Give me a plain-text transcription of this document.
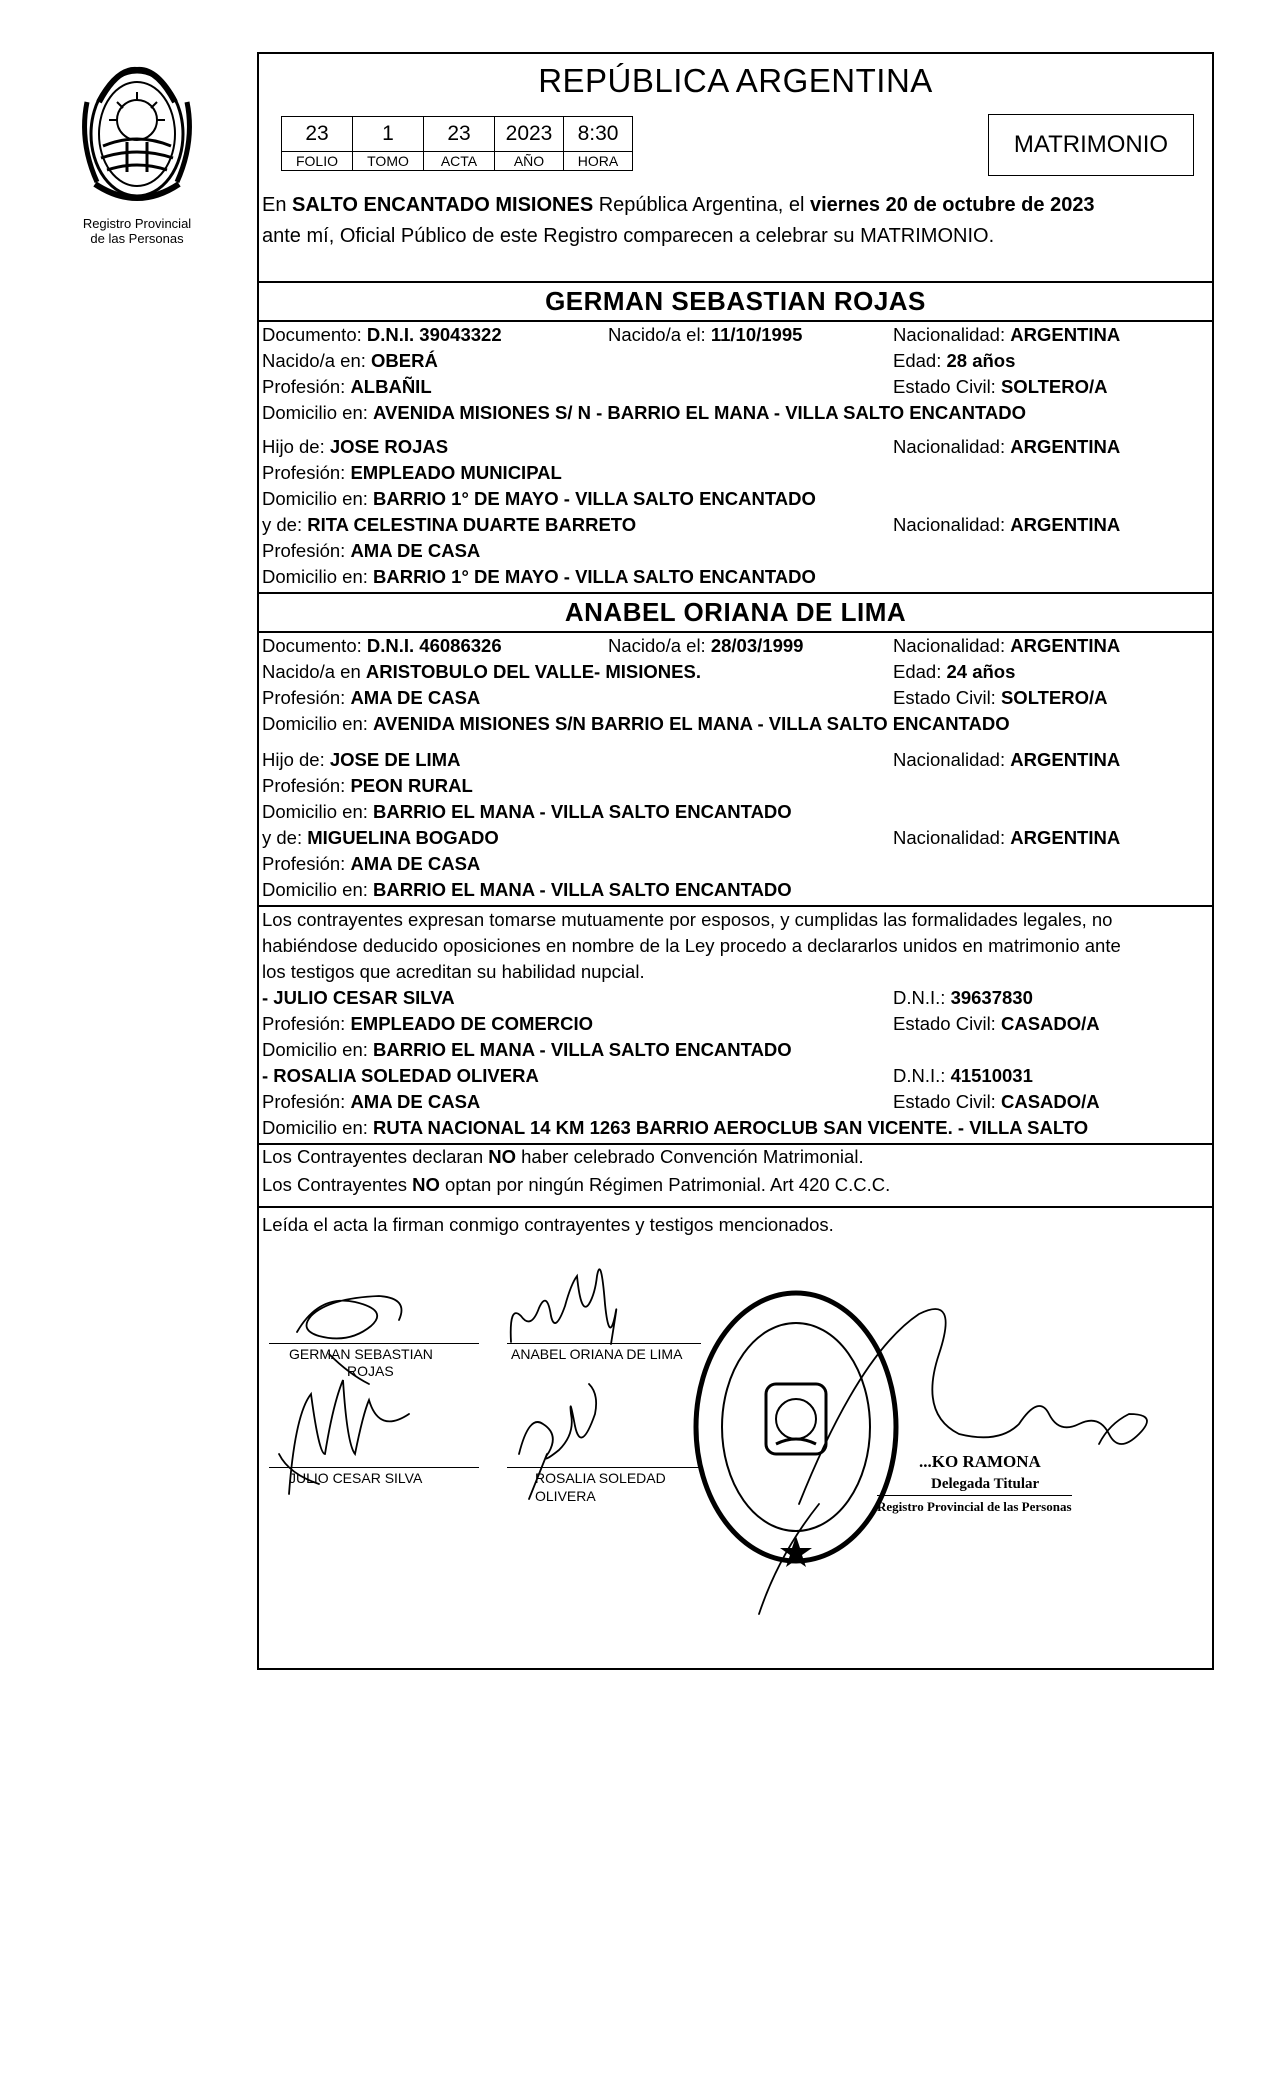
Registro Provincial
de las Personas
REPÚBLICA ARGENTINA
23	1	23	2023	8:30
FOLIO	TOMO	ACTA	AÑO	HORA
MATRIMONIO
En SALTO ENCANTADO MISIONES República Argentina, el viernes 20 de octubre de 2023
ante mí, Oficial Público de este Registro comparecen a celebrar su MATRIMONIO.
GERMAN SEBASTIAN ROJAS
Documento: D.N.I. 39043322	Nacido/a el: 11/10/1995	Nacionalidad: ARGENTINA
Nacido/a en: OBERÁ	Edad: 28 años
Profesión: ALBAÑIL	Estado Civil: SOLTERO/A
Domicilio en: AVENIDA MISIONES S/ N - BARRIO EL MANA - VILLA SALTO ENCANTADO
Hijo de: JOSE ROJAS	Nacionalidad: ARGENTINA
Profesión: EMPLEADO MUNICIPAL
Domicilio en: BARRIO 1° DE MAYO - VILLA SALTO ENCANTADO
y de: RITA CELESTINA DUARTE BARRETO	Nacionalidad: ARGENTINA
Profesión: AMA DE CASA
Domicilio en: BARRIO 1° DE MAYO - VILLA SALTO ENCANTADO
ANABEL ORIANA DE LIMA
Documento: D.N.I. 46086326	Nacido/a el: 28/03/1999	Nacionalidad: ARGENTINA
Nacido/a en ARISTOBULO DEL VALLE- MISIONES.	Edad: 24 años
Profesión: AMA DE CASA	Estado Civil: SOLTERO/A
Domicilio en: AVENIDA MISIONES S/N BARRIO EL MANA - VILLA SALTO ENCANTADO
Hijo de: JOSE DE LIMA	Nacionalidad: ARGENTINA
Profesión: PEON RURAL
Domicilio en: BARRIO EL MANA - VILLA SALTO ENCANTADO
y de: MIGUELINA BOGADO	Nacionalidad: ARGENTINA
Profesión: AMA DE CASA
Domicilio en: BARRIO EL MANA - VILLA SALTO ENCANTADO
Los contrayentes expresan tomarse mutuamente por esposos, y cumplidas las formalidades legales, no
habiéndose deducido oposiciones en nombre de la Ley procedo a declararlos unidos en matrimonio ante
los testigos que acreditan su habilidad nupcial.
- JULIO CESAR SILVA	D.N.I.: 39637830
Profesión: EMPLEADO DE COMERCIO	Estado Civil: CASADO/A
Domicilio en: BARRIO EL MANA - VILLA SALTO ENCANTADO
- ROSALIA SOLEDAD OLIVERA	D.N.I.: 41510031
Profesión: AMA DE CASA	Estado Civil: CASADO/A
Domicilio en: RUTA NACIONAL 14 KM 1263 BARRIO AEROCLUB SAN VICENTE. - VILLA SALTO
Los Contrayentes declaran NO haber celebrado Convención Matrimonial.
Los Contrayentes NO optan por ningún Régimen Patrimonial. Art 420 C.C.C.
Leída el acta la firman conmigo contrayentes y testigos mencionados.
GERMAN SEBASTIAN
ROJAS
ANABEL ORIANA DE LIMA
JULIO CESAR SILVA	ROSALIA SOLEDAD
OLIVERA
...KO RAMONA
Delegada Titular
Registro Provincial de las Personas
